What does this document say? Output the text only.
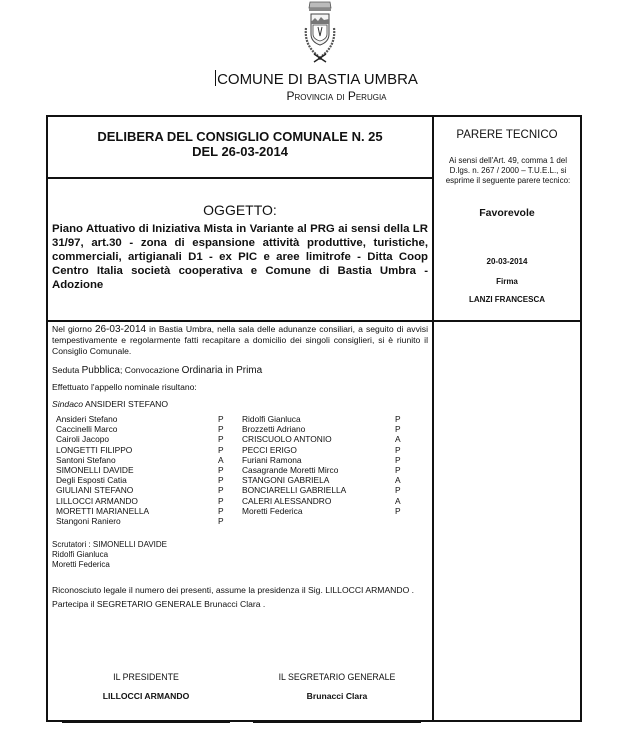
COMUNE DI BASTIA UMBRA
Provincia di Perugia
DELIBERA DEL CONSIGLIO COMUNALE N. 25
DEL 26-03-2014
OGGETTO:
Piano Attuativo di Iniziativa Mista in Variante al PRG ai sensi della LR 31/97, art.30 - zona di espansione attività produttive, turistiche, commerciali, artigianali D1 - ex PIC e aree limitrofe - Ditta Coop Centro Italia società cooperativa e Comune di Bastia Umbra - Adozione
PARERE TECNICO
Ai sensi dell'Art. 49, comma 1 del D.lgs. n. 267 / 2000 – T.U.E.L., si esprime il seguente parere tecnico:
Favorevole
20-03-2014
Firma
LANZI FRANCESCA

Nel giorno 26-03-2014 in Bastia Umbra, nella sala delle adunanze consiliari, a seguito di avvisi tempestivamente e regolarmente fatti recapitare a domicilio dei singoli consiglieri, si è riunito il Consiglio Comunale.

Seduta Pubblica; Convocazione Ordinaria in Prima

Effettuato l'appello nominale risultano:

Sindaco ANSIDERI STEFANO

Ansideri Stefano
Caccinelli Marco
Cairoli Jacopo
LONGETTI FILIPPO
Santoni Stefano
SIMONELLI DAVIDE
Degli Esposti Catia
GIULIANI STEFANO
LILLOCCI ARMANDO
MORETTI MARIANELLA
Stangoni Raniero
P
P
P
P
A
P
P
P
P
P
P
Ridolfi Gianluca
Brozzetti Adriano
CRISCUOLO ANTONIO
PECCI ERIGO
Furiani Ramona
Casagrande Moretti Mirco
STANGONI GABRIELA
BONCIARELLI GABRIELLA
CALERI ALESSANDRO
Moretti Federica
P
P
A
P
P
P
A
P
A
P
Scrutatori : SIMONELLI DAVIDE
Ridolfi Gianluca
Moretti Federica

Riconosciuto legale il numero dei presenti, assume la presidenza il Sig. LILLOCCI ARMANDO .

Partecipa il SEGRETARIO GENERALE Brunacci Clara .

IL PRESIDENTE
LILLOCCI ARMANDO
IL SEGRETARIO GENERALE
Brunacci Clara
